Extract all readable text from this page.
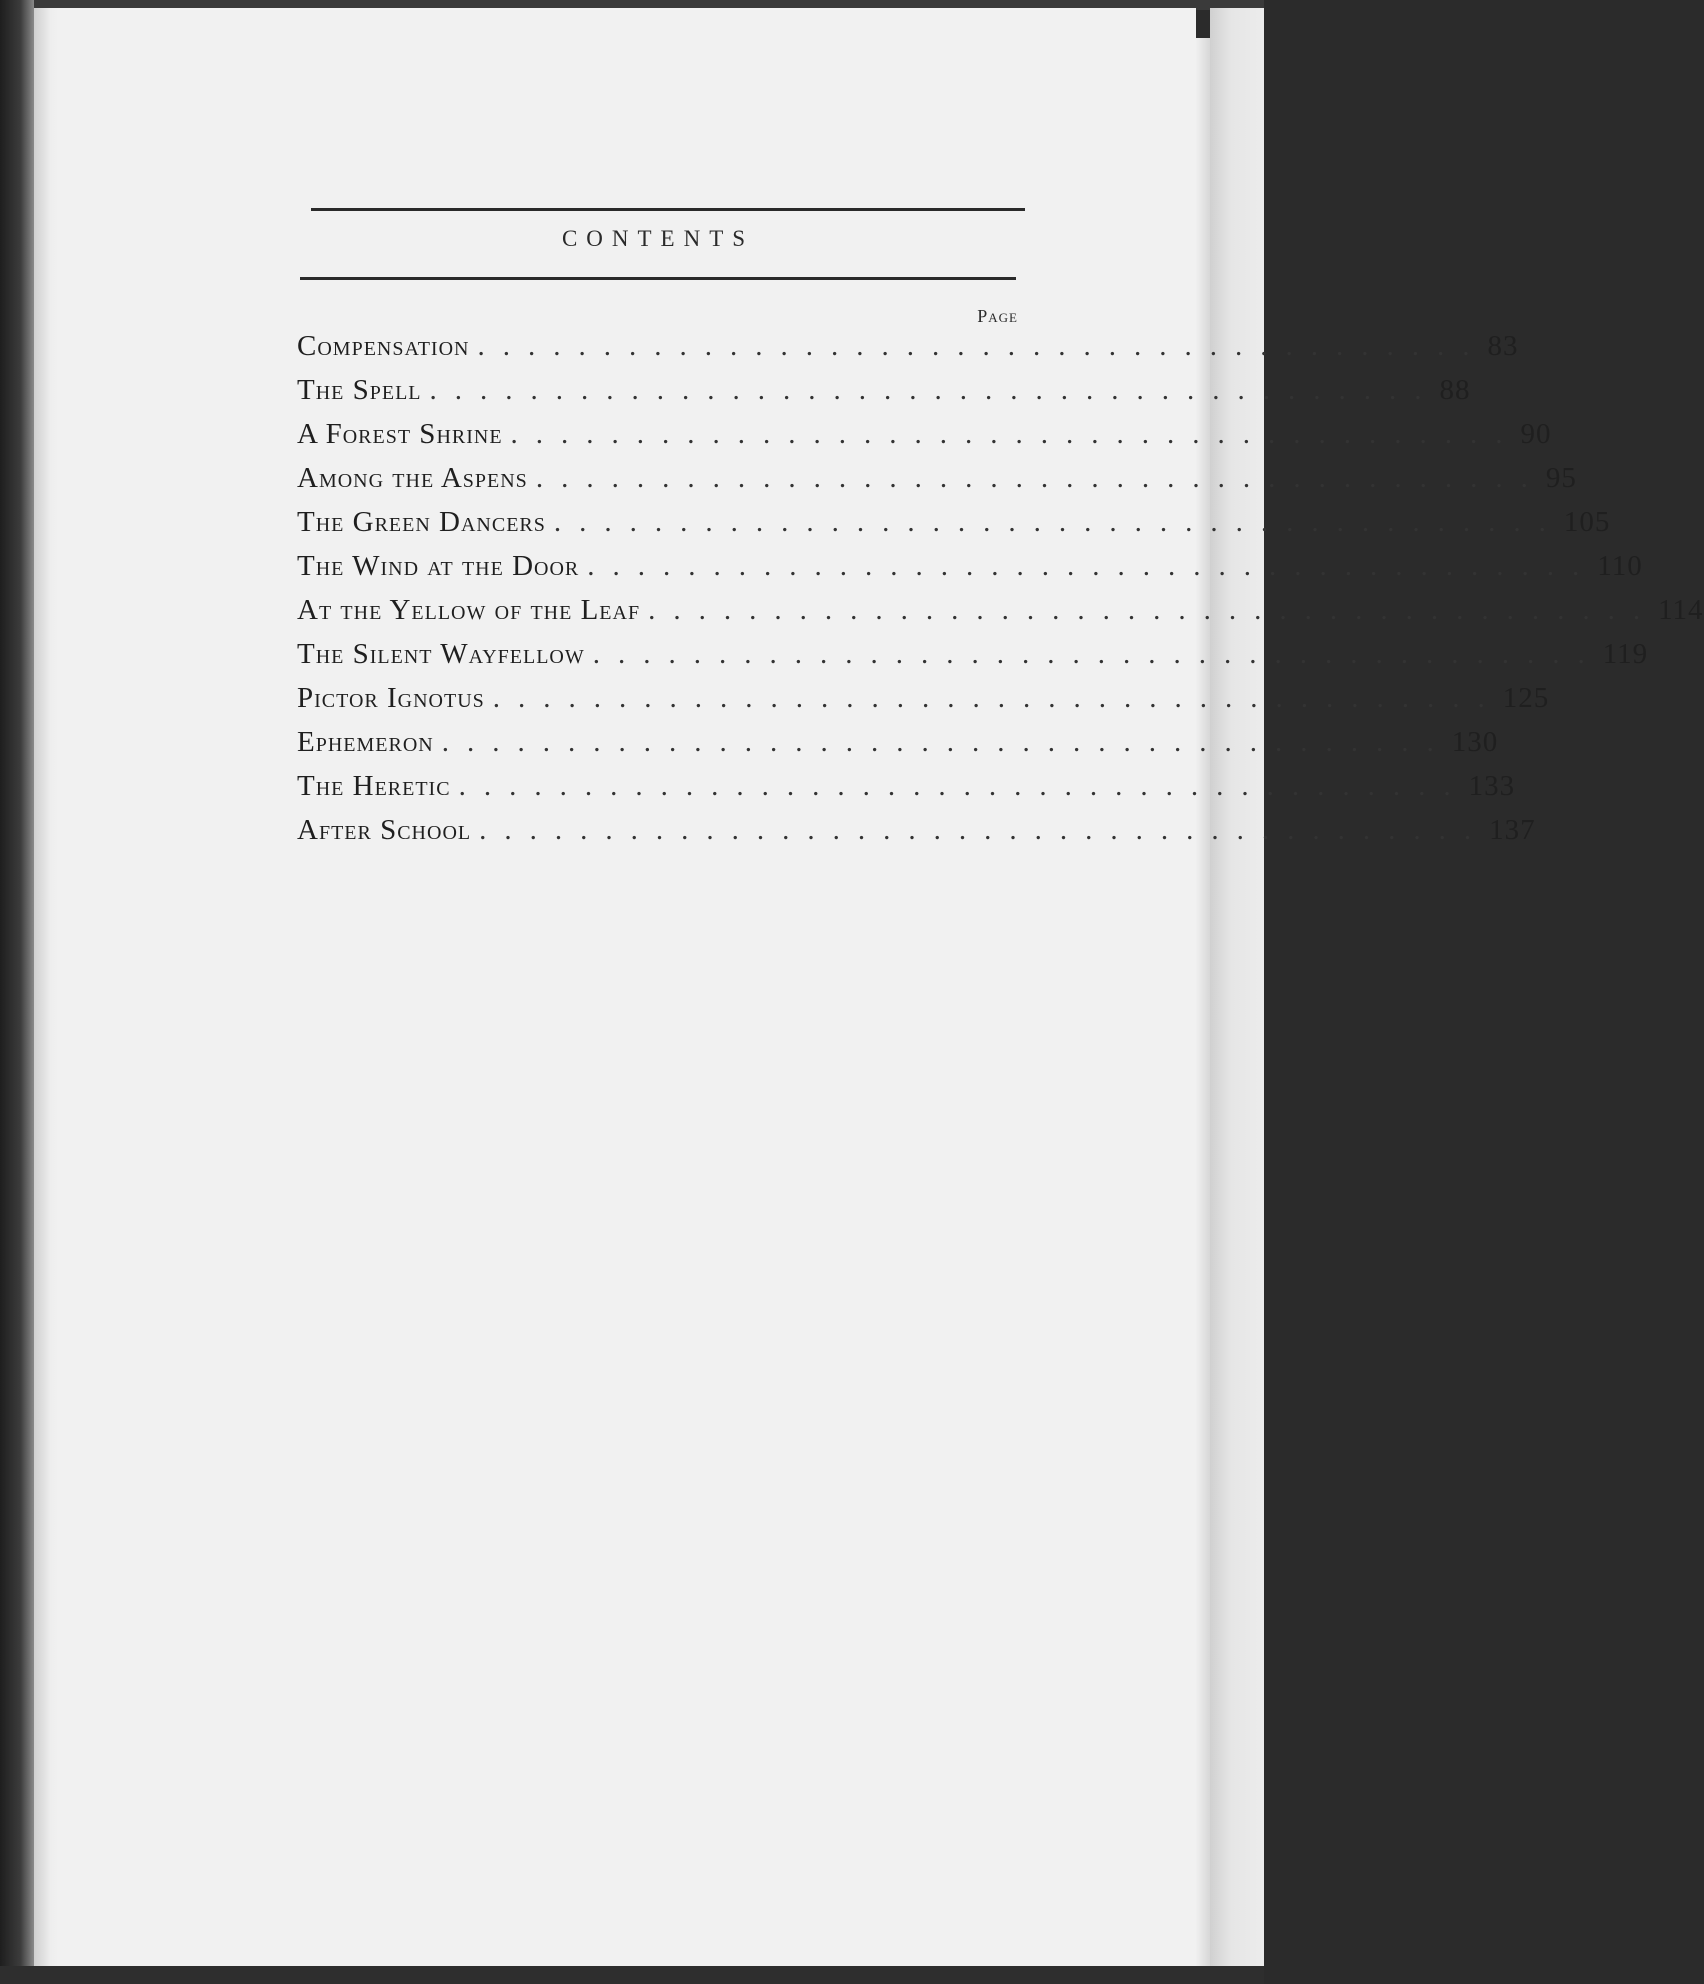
CONTENTS
Page
Compensation ........................................ 83
The Spell ........................................ 88
A Forest Shrine ........................................ 90
Among the Aspens ........................................ 95
The Green Dancers ........................................ 105
The Wind at the Door ........................................ 110
At the Yellow of the Leaf ........................................ 114
The Silent Wayfellow ........................................ 119
Pictor Ignotus ........................................ 125
Ephemeron ........................................ 130
The Heretic ........................................ 133
After School ........................................ 137
